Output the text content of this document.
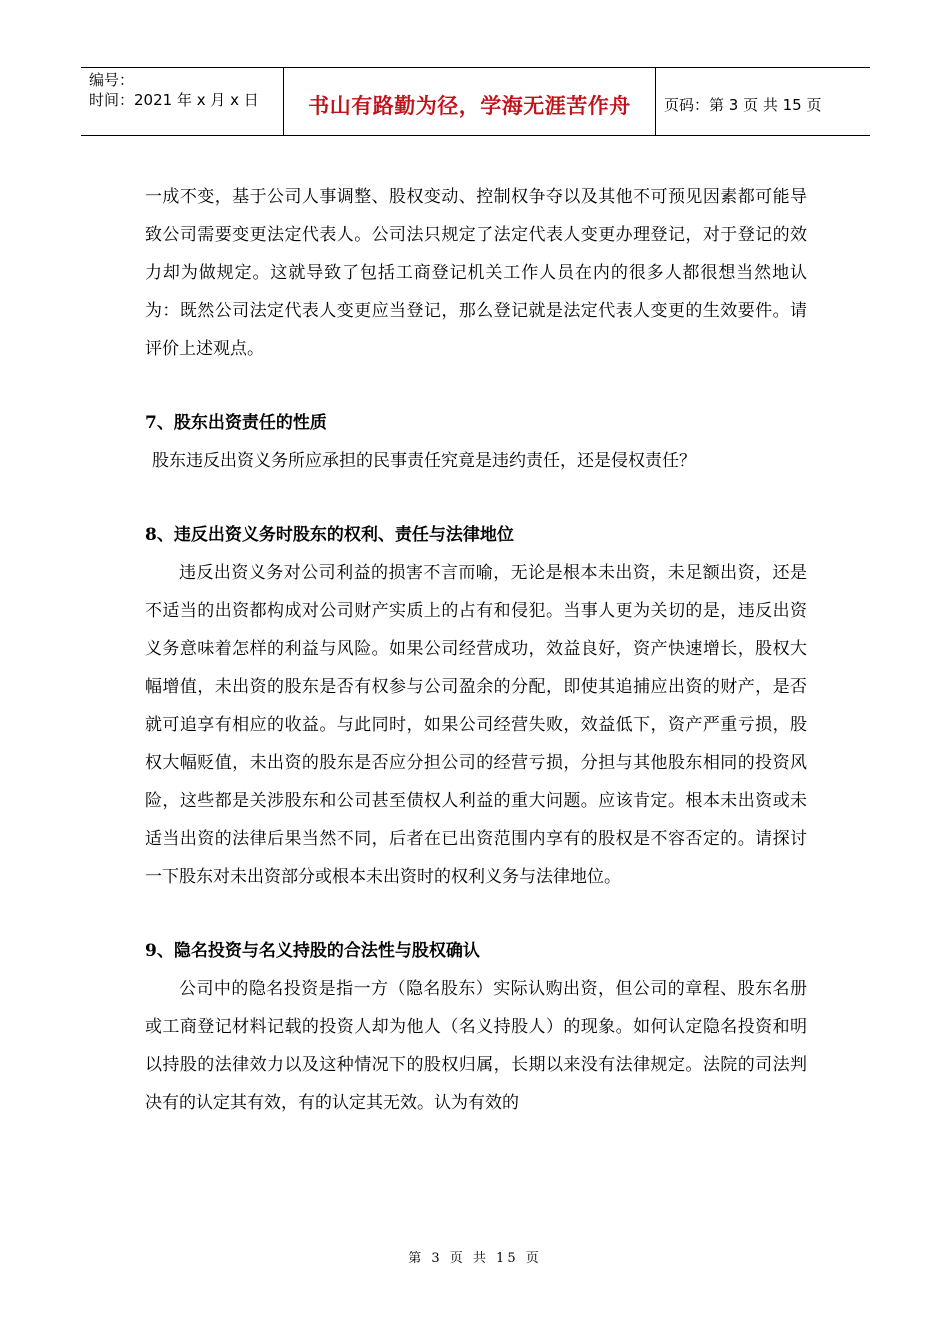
编号：
时间：2021 年 x 月 x 日	书山有路勤为径，学海无涯苦作舟 页码：第 3 页 共 15 页

一成不变，基于公司人事调整、股权变动、控制权争夺以及其他不可预见因素都可能导致公司需要变更法定代表人。公司法只规定了法定代表人变更办理登记，对于登记的效力却为做规定。这就导致了包括工商登记机关工作人员在内的很多人都很想当然地认为：既然公司法定代表人变更应当登记，那么登记就是法定代表人变更的生效要件。请评价上述观点。

7、股东出资责任的性质

股东违反出资义务所应承担的民事责任究竟是违约责任，还是侵权责任？

8、违反出资义务时股东的权利、责任与法律地位

违反出资义务对公司利益的损害不言而喻，无论是根本未出资，未足额出资，还是不适当的出资都构成对公司财产实质上的占有和侵犯。当事人更为关切的是，违反出资义务意味着怎样的利益与风险。如果公司经营成功，效益良好，资产快速增长，股权大幅增值，未出资的股东是否有权参与公司盈余的分配，即使其追捕应出资的财产，是否就可追享有相应的收益。与此同时，如果公司经营失败，效益低下，资产严重亏损，股权大幅贬值，未出资的股东是否应分担公司的经营亏损，分担与其他股东相同的投资风险，这些都是关涉股东和公司甚至债权人利益的重大问题。应该肯定。根本未出资或未适当出资的法律后果当然不同，后者在已出资范围内享有的股权是不容否定的。请探讨一下股东对未出资部分或根本未出资时的权利义务与法律地位。

9、隐名投资与名义持股的合法性与股权确认

公司中的隐名投资是指一方（隐名股东）实际认购出资，但公司的章程、股东名册或工商登记材料记载的投资人却为他人（名义持股人）的现象。如何认定隐名投资和明以持股的法律效力以及这种情况下的股权归属，长期以来没有法律规定。法院的司法判决有的认定其有效，有的认定其无效。认为有效的

第 3 页 共 15 页
